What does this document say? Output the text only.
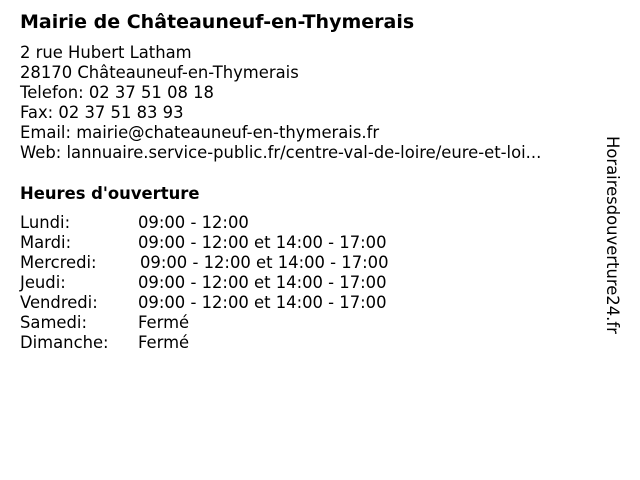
Mairie de Châteauneuf-en-Thymerais
2 rue Hubert Latham
28170 Châteauneuf-en-Thymerais
Telefon: 02 37 51 08 18
Fax: 02 37 51 83 93
Email: mairie@chateauneuf-en-thymerais.fr
Web: lannuaire.service-public.fr/centre-val-de-loire/eure-et-loi...
Heures d'ouverture
Lundi:	09:00 - 12:00
Mardi:	09:00 - 12:00 et 14:00 - 17:00
Mercredi:	09:00 - 12:00 et 14:00 - 17:00
Jeudi:	09:00 - 12:00 et 14:00 - 17:00
Vendredi: 09:00 - 12:00 et 14:00 - 17:00
Samedi:	Fermé
Dimanche: Fermé
Horairesdouverture24.fr
